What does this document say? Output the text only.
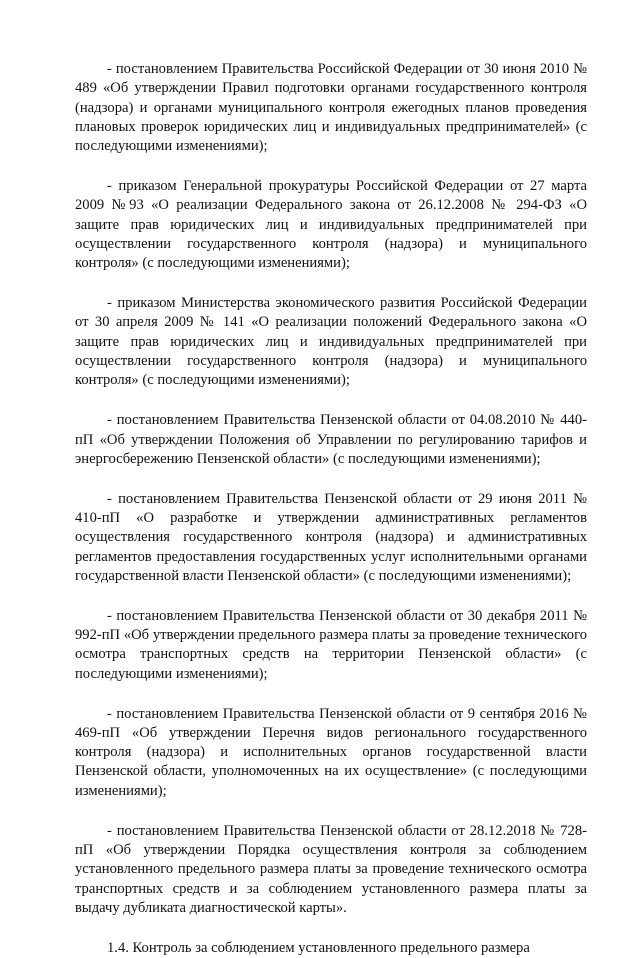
- постановлением Правительства Российской Федерации от 30 июня 2010 № 489 «Об утверждении Правил подготовки органами государственного контроля (надзора) и органами муниципального контроля ежегодных планов проведения плановых проверок юридических лиц и индивидуальных предпринимателей» (с последующими изменениями);

- приказом Генеральной прокуратуры Российской Федерации от 27 марта 2009 №93 «О реализации Федерального закона от 26.12.2008 № 294-ФЗ «О защите прав юридических лиц и индивидуальных предпринимателей при осуществлении государственного контроля (надзора) и муниципального контроля» (с последующими изменениями);

- приказом Министерства экономического развития Российской Федерации от 30 апреля 2009 № 141 «О реализации положений Федерального закона «О защите прав юридических лиц и индивидуальных предпринимателей при осуществлении государственного контроля (надзора) и муниципального контроля» (с последующими изменениями);

- постановлением Правительства Пензенской области от 04.08.2010 № 440-пП «Об утверждении Положения об Управлении по регулированию тарифов и энергосбережению Пензенской области» (с последующими изменениями);

- постановлением Правительства Пензенской области от 29 июня 2011 № 410-пП «О разработке и утверждении административных регламентов осуществления государственного контроля (надзора) и административных регламентов предоставления государственных услуг исполнительными органами государственной власти Пензенской области» (с последующими изменениями);

- постановлением Правительства Пензенской области от 30 декабря 2011 № 992-пП «Об утверждении предельного размера платы за проведение технического осмотра транспортных средств на территории Пензенской области» (с последующими изменениями);

- постановлением Правительства Пензенской области от 9 сентября 2016 № 469-пП «Об утверждении Перечня видов регионального государственного контроля (надзора) и исполнительных органов государственной власти Пензенской области, уполномоченных на их осуществление» (с последующими изменениями);

- постановлением Правительства Пензенской области от 28.12.2018 № 728-пП «Об утверждении Порядка осуществления контроля за соблюдением установленного предельного размера платы за проведение технического осмотра транспортных средств и за соблюдением установленного размера платы за выдачу дубликата диагностической карты».

1.4. Контроль за соблюдением установленного предельного размера
